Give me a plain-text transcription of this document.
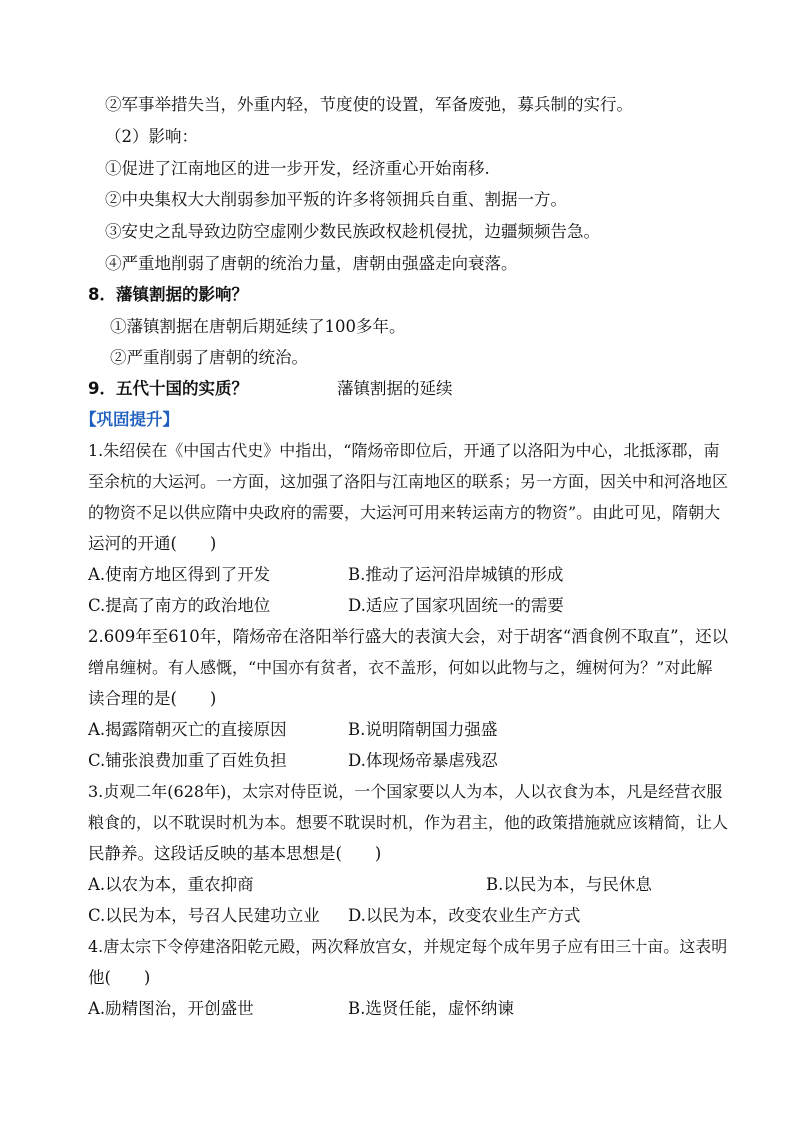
②军事举措失当，外重内轻，节度使的设置，军备废弛，募兵制的实行。
（2）影响：
①促进了江南地区的进一步开发，经济重心开始南移.
②中央集权大大削弱参加平叛的许多将领拥兵自重、割据一方。
③安史之乱导致边防空虚刚少数民族政权趁机侵扰，边疆频频告急。
④严重地削弱了唐朝的统治力量，唐朝由强盛走向衰落。
8．藩镇割据的影响？
①藩镇割据在唐朝后期延续了100多年。
②严重削弱了唐朝的统治。
9．五代十国的实质？	藩镇割据的延续
【巩固提升】
1.朱绍侯在《中国古代史》中指出，“隋炀帝即位后，开通了以洛阳为中心，北抵涿郡，南
至余杭的大运河。一方面，这加强了洛阳与江南地区的联系；另一方面，因关中和河洛地区
的物资不足以供应隋中央政府的需要，大运河可用来转运南方的物资”。由此可见，隋朝大
运河的开通(　　)
A.使南方地区得到了开发	B.推动了运河沿岸城镇的形成
C.提高了南方的政治地位	D.适应了国家巩固统一的需要
2.609年至610年，隋炀帝在洛阳举行盛大的表演大会，对于胡客“酒食例不取直”，还以
缯帛缠树。有人感慨，“中国亦有贫者，衣不盖形，何如以此物与之，缠树何为？”对此解
读合理的是(　　)
A.揭露隋朝灭亡的直接原因	B.说明隋朝国力强盛
C.铺张浪费加重了百姓负担	D.体现炀帝暴虐残忍
3.贞观二年(628年)，太宗对侍臣说，一个国家要以人为本，人以衣食为本，凡是经营衣服
粮食的，以不耽误时机为本。想要不耽误时机，作为君主，他的政策措施就应该精简，让人
民静养。这段话反映的基本思想是(　　)
A.以农为本，重农抑商	B.以民为本，与民休息
C.以民为本，号召人民建功立业 D.以民为本，改变农业生产方式
4.唐太宗下令停建洛阳乾元殿，两次释放宫女，并规定每个成年男子应有田三十亩。这表明
他(　　)
A.励精图治，开创盛世	B.选贤任能，虚怀纳谏
